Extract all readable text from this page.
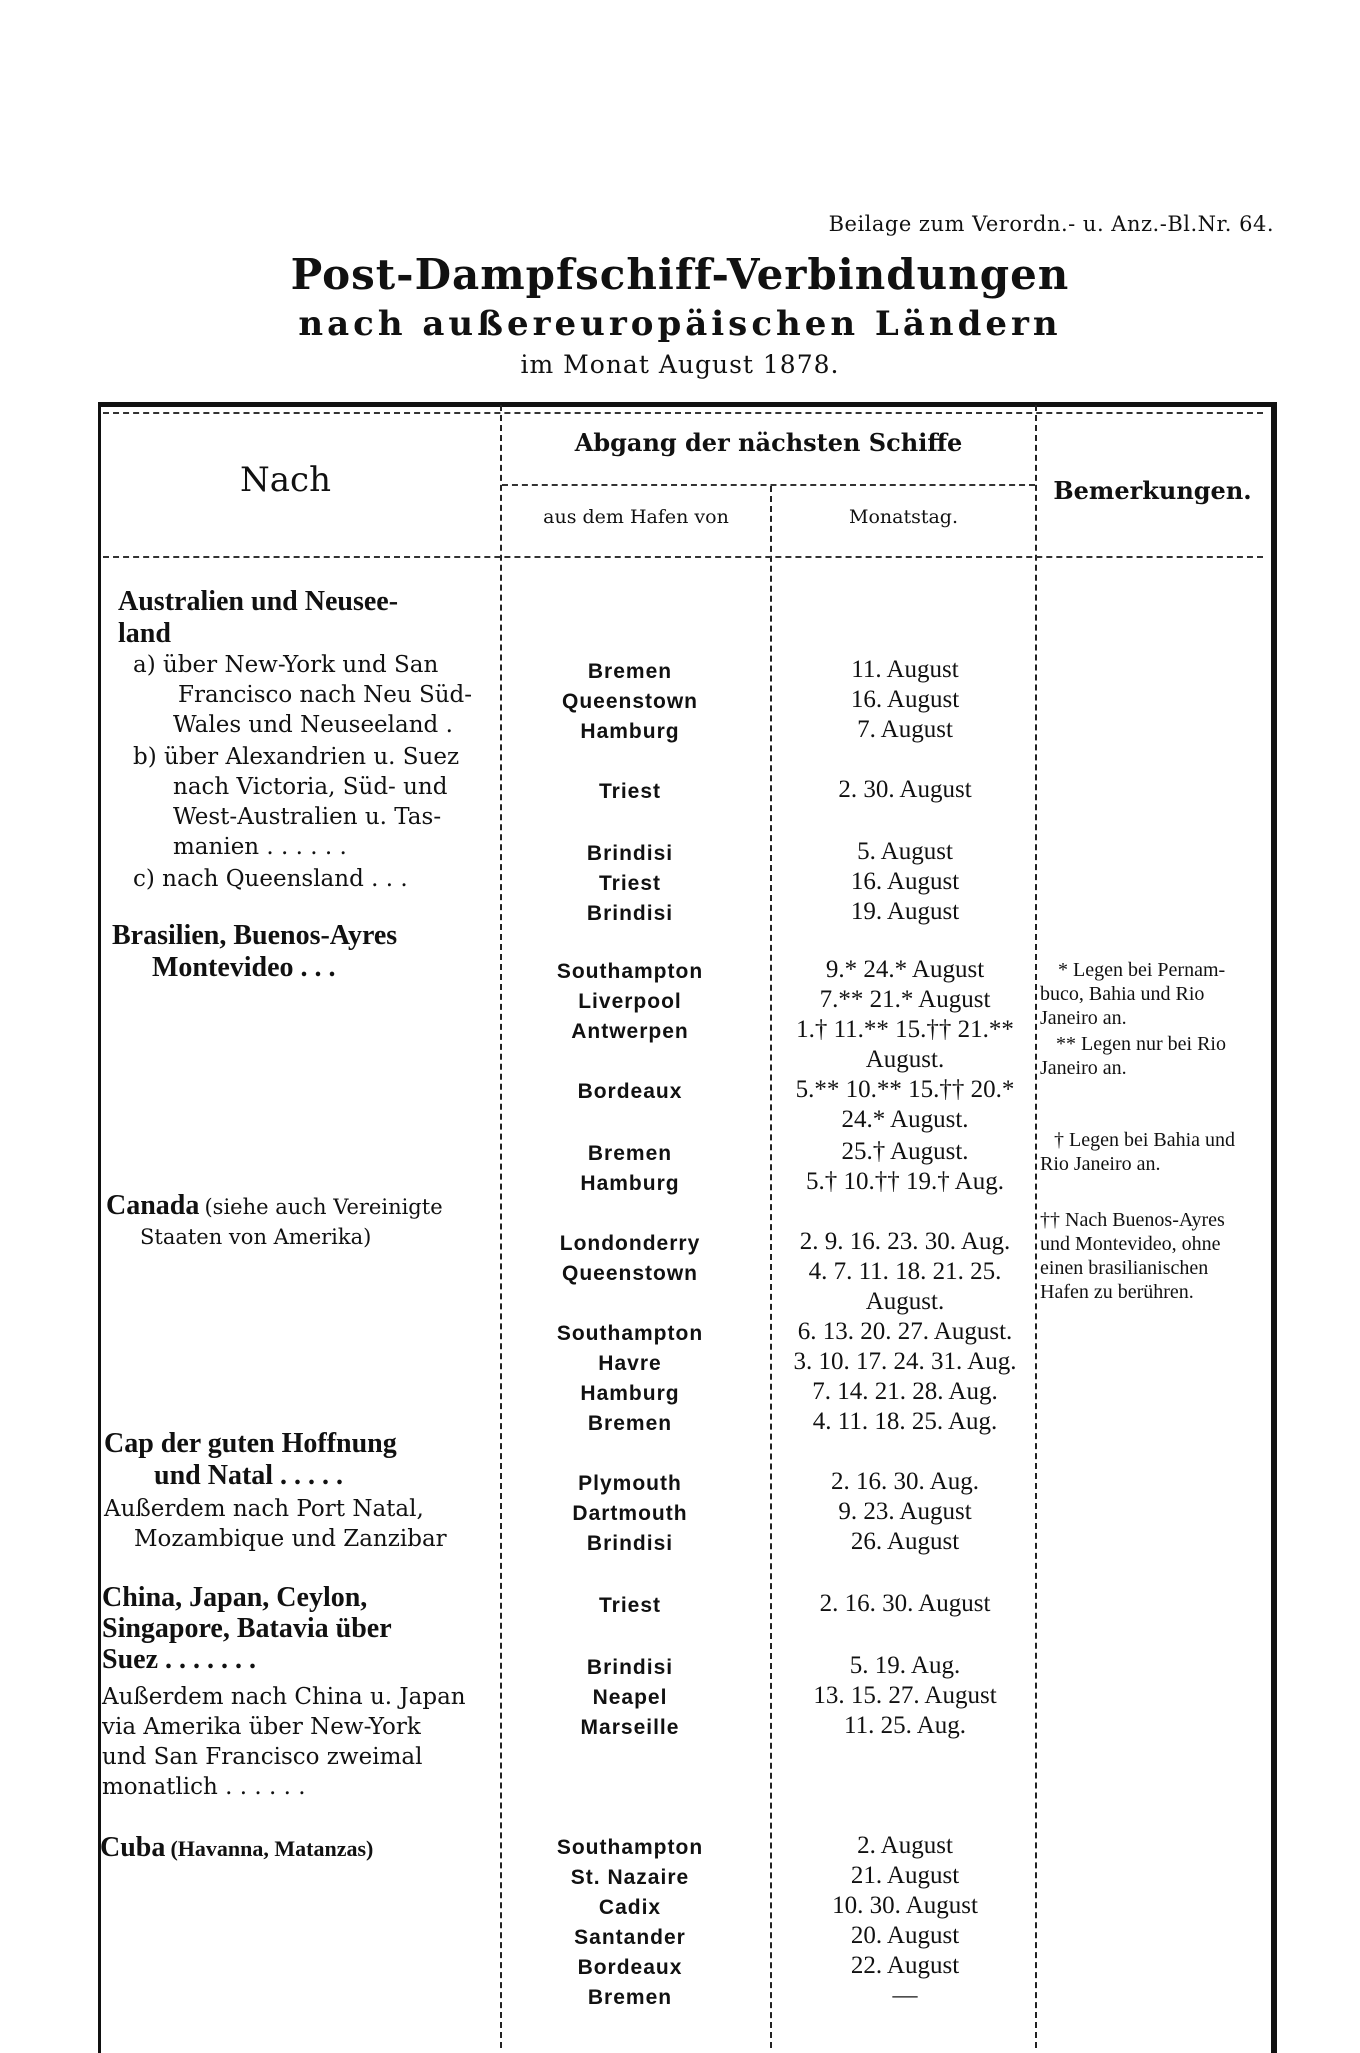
Beilage zum Verordn.- u. Anz.-Bl.Nr. 64.
Post-Dampfschiff-Verbindungen
nach außereuropäischen Ländern
im Monat August 1878.
Nach
Abgang der nächsten Schiffe
aus dem Hafen von	Monatstag.
Bemerkungen.
Australien und Neusee-
land
a) über New-York und San
Francisco nach Neu Süd-
Wales und Neuseeland .
b) über Alexandrien u. Suez
nach Victoria, Süd- und
West-Australien u. Tas-
manien . . . . . .
c) nach Queensland . . .
Brasilien, Buenos-Ayres
Montevideo . . .
Canada (siehe auch Vereinigte
Staaten von Amerika)
Cap der guten Hoffnung
und Natal . . . . .
Außerdem nach Port Natal,
Mozambique und Zanzibar
China, Japan, Ceylon,
Singapore, Batavia über
Suez . . . . . . .
Außerdem nach China u. Japan
via Amerika über New-York
und San Francisco zweimal
monatlich . . . . . .
Cuba (Havanna, Matanzas)
Bremen
Queenstown
Hamburg
Triest
Brindisi
Triest
Brindisi
Southampton
Liverpool
Antwerpen
Bordeaux
Bremen
Hamburg
Londonderry
Queenstown
Southampton
Havre
Hamburg
Bremen
Plymouth
Dartmouth
Brindisi
Triest
Brindisi
Neapel
Marseille
Southampton
St. Nazaire
Cadix
Santander
Bordeaux
Bremen
11. August
16. August
7. August
2. 30. August
5. August
16. August
19. August
9.* 24.* August
7.** 21.* August
1.† 11.** 15.†† 21.**
August.
5.** 10.** 15.†† 20.*
24.* August.
25.† August.
5.† 10.†† 19.† Aug.
2. 9. 16. 23. 30. Aug.
4. 7. 11. 18. 21. 25.
August.
6. 13. 20. 27. August.
3. 10. 17. 24. 31. Aug.
7. 14. 21. 28. Aug.
4. 11. 18. 25. Aug.
2. 16. 30. Aug.
9. 23. August
26. August
2. 16. 30. August
5. 19. Aug.
13. 15. 27. August
11. 25. Aug.
2. August
21. August
10. 30. August
20. August
22. August
—
* Legen bei Pernam-
buco, Bahia und Rio
Janeiro an.
** Legen nur bei Rio
Janeiro an.
† Legen bei Bahia und
Rio Janeiro an.
†† Nach Buenos-Ayres
und Montevideo, ohne
einen brasilianischen
Hafen zu berühren.
